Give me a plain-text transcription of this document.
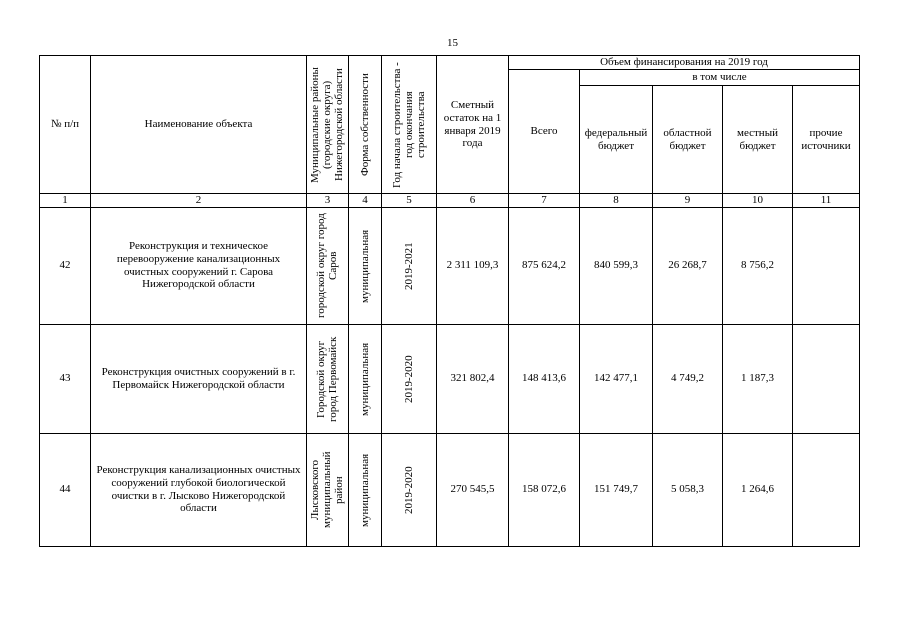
15
№ п/п	Наименование объекта	Муниципальные районы (городские округа) Нижегородской области	Форма собственности	Год начала строительства - год окончания строительства	Сметный остаток на 1 января 2019 года	Объем финансирования на 2019 год				
						Всего	в том числе			
							федеральный бюджет	областной бюджет	местный бюджет	прочие источники
1	2	3	4	5	6	7	8	9	10	11
42	Реконструкция и техническое перевооружение канализационных очистных сооружений г. Сарова Нижегородской области	городской округ город Саров	муниципальная	2019-2021	2 311 109,3	875 624,2	840 599,3	26 268,7	8 756,2	
43	Реконструкция очистных сооружений в г. Первомайск Нижегородской области	Городской округ город Первомайск	муниципальная	2019-2020	321 802,4	148 413,6	142 477,1	4 749,2	1 187,3	
44	Реконструкция канализационных очистных сооружений глубокой биологической очистки в г. Лысково Нижегородской области	Лысковского муниципальный район	муниципальная	2019-2020	270 545,5	158 072,6	151 749,7	5 058,3	1 264,6	
